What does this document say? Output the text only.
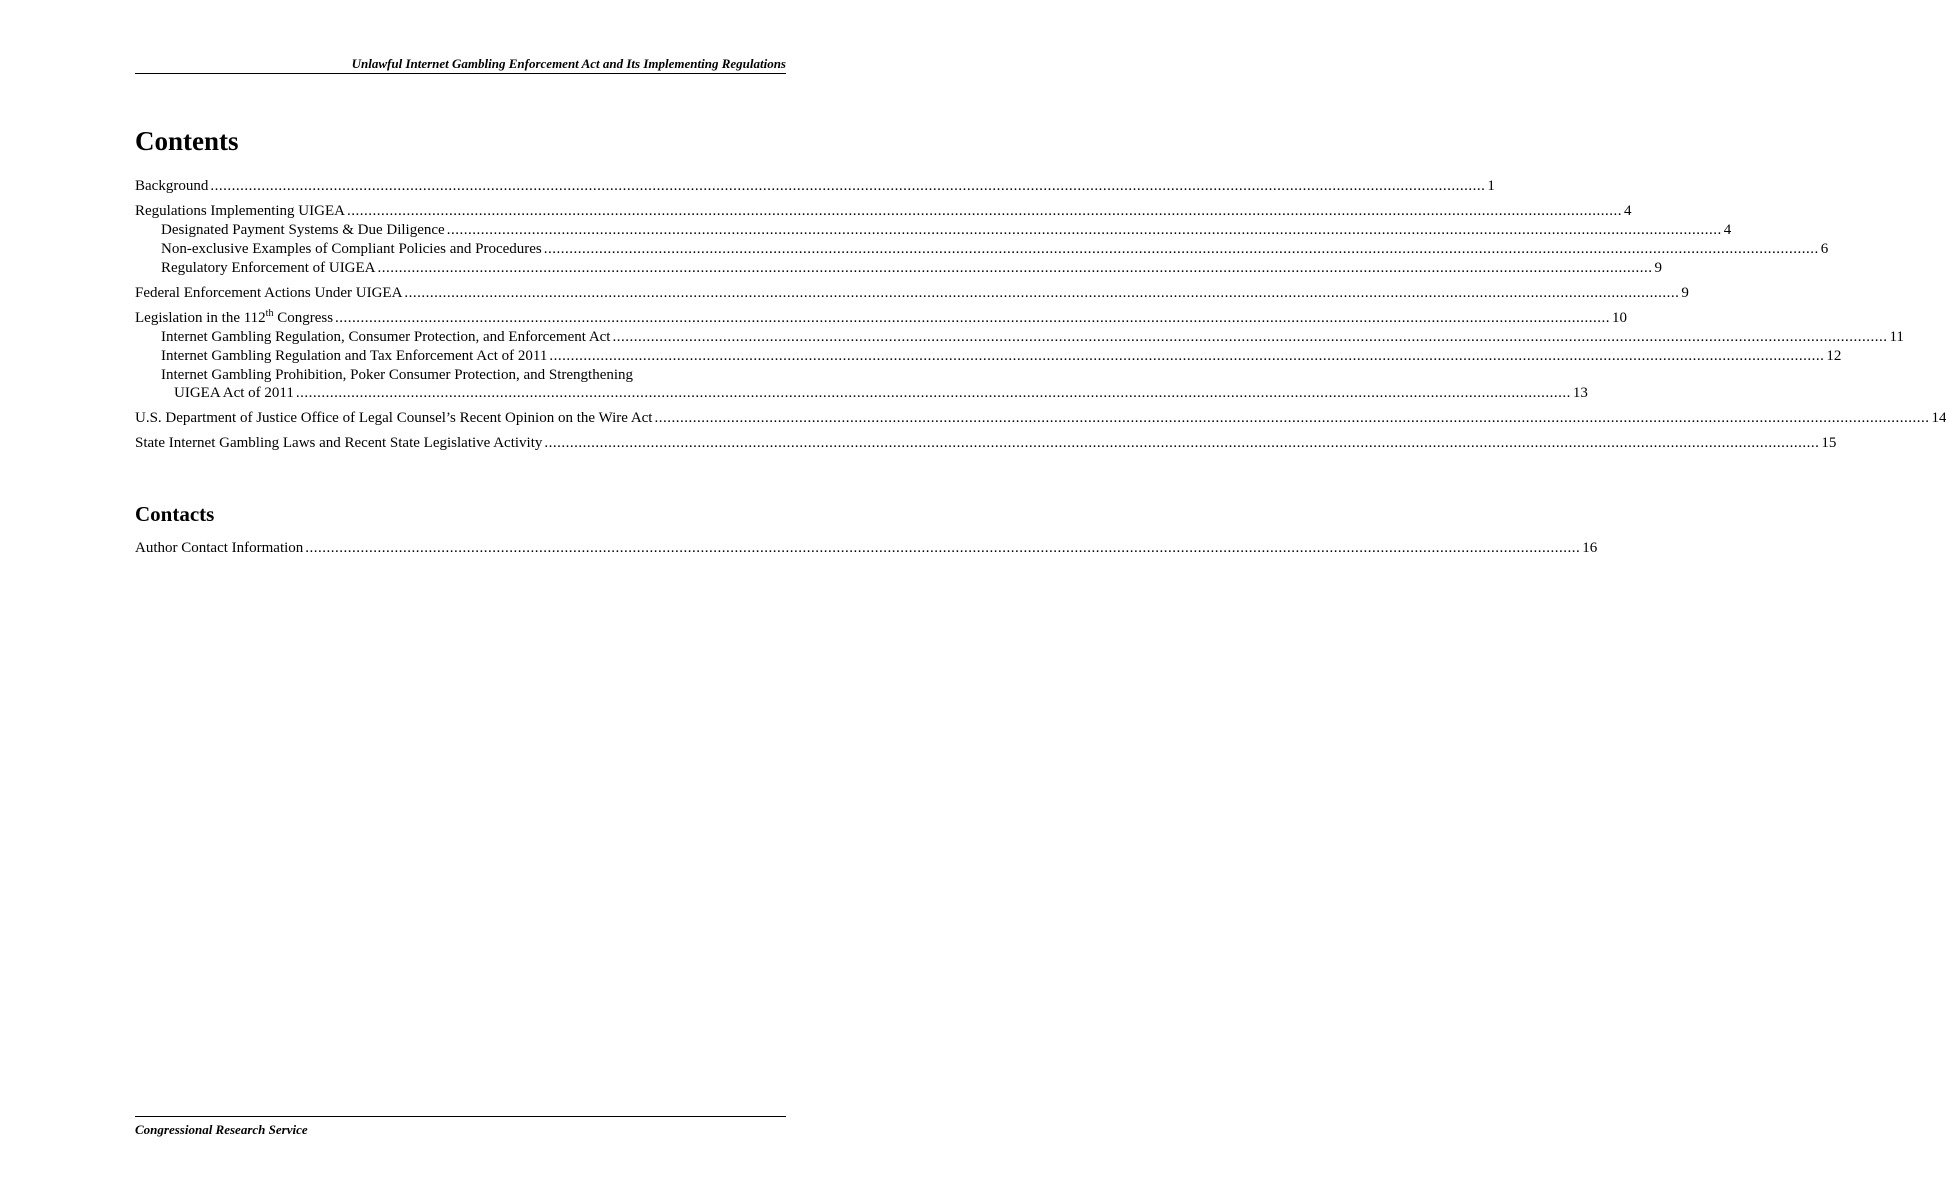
Unlawful Internet Gambling Enforcement Act and Its Implementing Regulations
Contents
Background ............................................................................................................................................................................................................................................................................................................ 1
Regulations Implementing UIGEA ............................................................................................................................................................................................................................................................................................................ 4
Designated Payment Systems & Due Diligence ............................................................................................................................................................................................................................................................................................................ 4
Non-exclusive Examples of Compliant Policies and Procedures ............................................................................................................................................................................................................................................................................................................ 6
Regulatory Enforcement of UIGEA ............................................................................................................................................................................................................................................................................................................ 9
Federal Enforcement Actions Under UIGEA ............................................................................................................................................................................................................................................................................................................ 9
Legislation in the 112th Congress ............................................................................................................................................................................................................................................................................................................ 10
Internet Gambling Regulation, Consumer Protection, and Enforcement Act ............................................................................................................................................................................................................................................................................................................ 11
Internet Gambling Regulation and Tax Enforcement Act of 2011 ............................................................................................................................................................................................................................................................................................................ 12
Internet Gambling Prohibition, Poker Consumer Protection, and Strengthening
UIGEA Act of 2011 ............................................................................................................................................................................................................................................................................................................ 13
U.S. Department of Justice Office of Legal Counsel’s Recent Opinion on the Wire Act ............................................................................................................................................................................................................................................................................................................ 14
State Internet Gambling Laws and Recent State Legislative Activity ............................................................................................................................................................................................................................................................................................................ 15
Contacts
Author Contact Information ............................................................................................................................................................................................................................................................................................................ 16
Congressional Research Service
